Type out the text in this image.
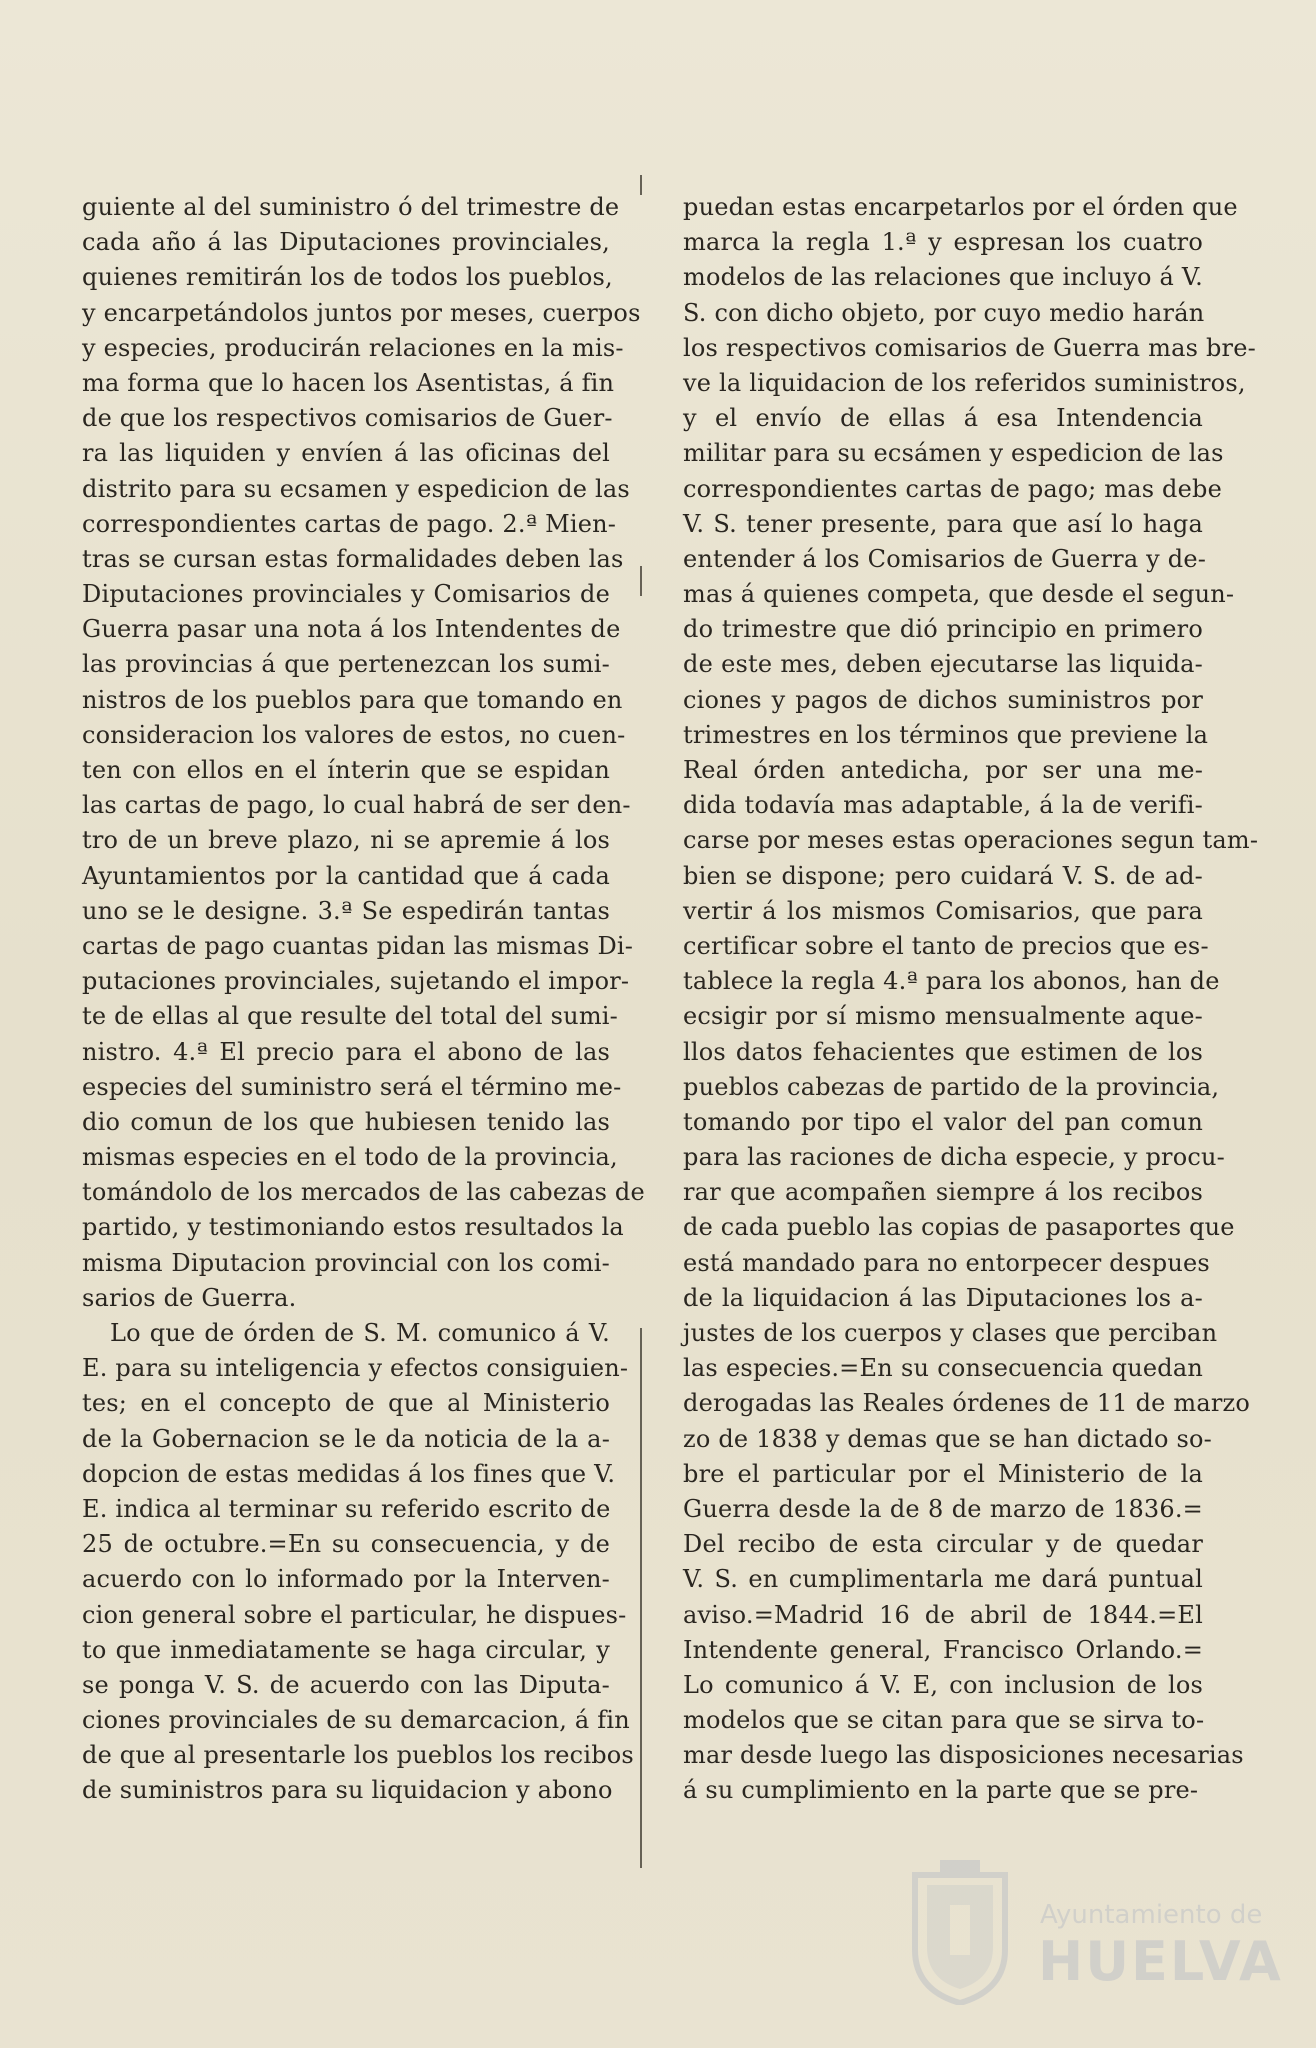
guiente al del suministro ó del trimestre de
cada año á las Diputaciones provinciales,
quienes remitirán los de todos los pueblos,
y encarpetándolos juntos por meses, cuerpos
y especies, producirán relaciones en la mis-
ma forma que lo hacen los Asentistas, á fin
de que los respectivos comisarios de Guer-
ra las liquiden y envíen á las oficinas del
distrito para su ecsamen y espedicion de las
correspondientes cartas de pago. 2.ª Mien-
tras se cursan estas formalidades deben las
Diputaciones provinciales y Comisarios de
Guerra pasar una nota á los Intendentes de
las provincias á que pertenezcan los sumi-
nistros de los pueblos para que tomando en
consideracion los valores de estos, no cuen-
ten con ellos en el ínterin que se espidan
las cartas de pago, lo cual habrá de ser den-
tro de un breve plazo, ni se apremie á los
Ayuntamientos por la cantidad que á cada
uno se le designe. 3.ª Se espedirán tantas
cartas de pago cuantas pidan las mismas Di-
putaciones provinciales, sujetando el impor-
te de ellas al que resulte del total del sumi-
nistro. 4.ª El precio para el abono de las
especies del suministro será el término me-
dio comun de los que hubiesen tenido las
mismas especies en el todo de la provincia,
tomándolo de los mercados de las cabezas de
partido, y testimoniando estos resultados la
misma Diputacion provincial con los comi-
sarios de Guerra.
Lo que de órden de S. M. comunico á V.
E. para su inteligencia y efectos consiguien-
tes; en el concepto de que al Ministerio
de la Gobernacion se le da noticia de la a-
dopcion de estas medidas á los fines que V.
E. indica al terminar su referido escrito de
25 de octubre.=En su consecuencia, y de
acuerdo con lo informado por la Interven-
cion general sobre el particular, he dispues-
to que inmediatamente se haga circular, y
se ponga V. S. de acuerdo con las Diputa-
ciones provinciales de su demarcacion, á fin
de que al presentarle los pueblos los recibos
de suministros para su liquidacion y abono
puedan estas encarpetarlos por el órden que
marca la regla 1.ª y espresan los cuatro
modelos de las relaciones que incluyo á V.
S. con dicho objeto, por cuyo medio harán
los respectivos comisarios de Guerra mas bre-
ve la liquidacion de los referidos suministros,
y el envío de ellas á esa Intendencia
militar para su ecsámen y espedicion de las
correspondientes cartas de pago; mas debe
V. S. tener presente, para que así lo haga
entender á los Comisarios de Guerra y de-
mas á quienes competa, que desde el segun-
do trimestre que dió principio en primero
de este mes, deben ejecutarse las liquida-
ciones y pagos de dichos suministros por
trimestres en los términos que previene la
Real órden antedicha, por ser una me-
dida todavía mas adaptable, á la de verifi-
carse por meses estas operaciones segun tam-
bien se dispone; pero cuidará V. S. de ad-
vertir á los mismos Comisarios, que para
certificar sobre el tanto de precios que es-
tablece la regla 4.ª para los abonos, han de
ecsigir por sí mismo mensualmente aque-
llos datos fehacientes que estimen de los
pueblos cabezas de partido de la provincia,
tomando por tipo el valor del pan comun
para las raciones de dicha especie, y procu-
rar que acompañen siempre á los recibos
de cada pueblo las copias de pasaportes que
está mandado para no entorpecer despues
de la liquidacion á las Diputaciones los a-
justes de los cuerpos y clases que perciban
las especies.=En su consecuencia quedan
derogadas las Reales órdenes de 11 de marzo
zo de 1838 y demas que se han dictado so-
bre el particular por el Ministerio de la
Guerra desde la de 8 de marzo de 1836.=
Del recibo de esta circular y de quedar
V. S. en cumplimentarla me dará puntual
aviso.=Madrid 16 de abril de 1844.=El
Intendente general, Francisco Orlando.=
Lo comunico á V. E, con inclusion de los
modelos que se citan para que se sirva to-
mar desde luego las disposiciones necesarias
á su cumplimiento en la parte que se pre-
Ayuntamiento de
HUELVA
